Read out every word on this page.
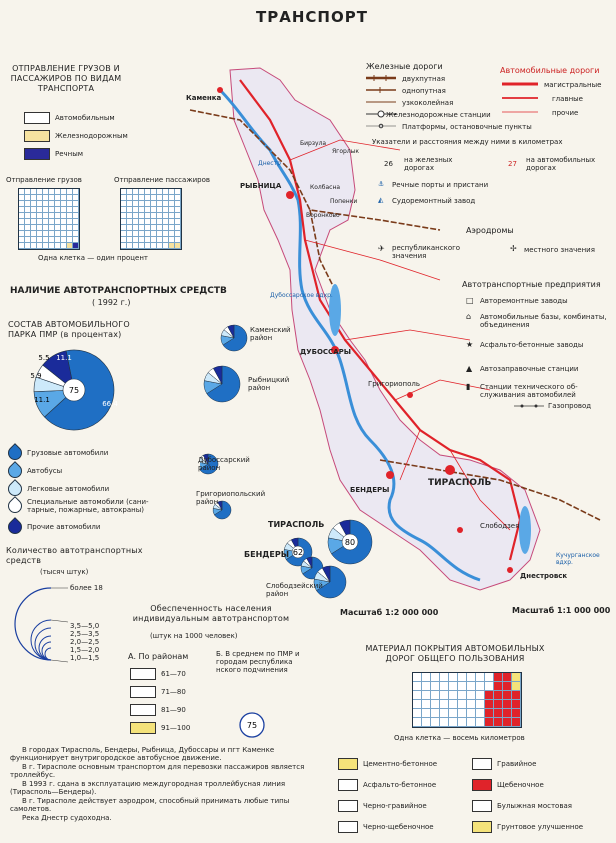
ТРАНСПОРТ
ОТПРАВЛЕНИЕ ГРУЗОВ И ПАССАЖИРОВ ПО ВИДАМ ТРАНСПОРТА
Автомобильным
Железнодорожным
Речным
Отправление грузов	Отправление пассажиров
Одна клетка — один процент
НАЛИЧИЕ АВТОТРАНСПОРТНЫХ СРЕДСТВ
( 1992 г.)
СОСТАВ АВТОМОБИЛЬНОГО ПАРКА ПМР (в процентах)
75
66.4
11.1
5.9
5.5 11.1
Грузовые автомобили
Автобусы
Легковые автомобили
Специальные автомобили (сани- тарные, пожарные, автокраны)
Прочие автомобили
Количество автотранспортных средств
(тысяч штук)
более 18
3,5—5,0
2,5—3,5
2,0—2,5
1,5—2,0
1,0—1,5
Обеспеченность населения индивидуальным автотранспортом
(штук на 1000 человек)
А. По районам	Б. В среднем по ПМР и городам республика нского подчинения
61—70
71—80
81—90
91—100	75
В городах Тирасполь, Бендеры, Рыбница, Дубоссары и пгт Каменке функционирует внутригородское автобусное движение.
В г. Тирасполе основным транспортом для перевозки пассажиров является троллейбус.
В 1993 г. сдана в эксплуатацию междугородная троллейбусная линия (Тирасполь—Бендеры).
В г. Тирасполе действует аэродром, способный принимать любые типы самолетов.
Река Днестр судоходна.
80
62
Каменка
РЫБНИЦА
ДУБОССАРЫ
Григориополь
БЕНДЕРЫ
ТИРАСПОЛЬ
Слободзея
Днестровск
Днестр
Дубоссарское вдхр.
Кучурганское вдхр.
Бирзула
Колбасна
Попенки
Воронково
Ягорлык
Масштаб 1:2 000 000	Масштаб 1:1 000 000
Каменский район
Рыбницкий район
Дубоссарский район
Григориопольский район
Слободзейский район
ТИРАСПОЛЬ
БЕНДЕРЫ
Железные дороги
двухпутная
однопутная
узкоколейная
Железнодорожные станции
Платформы, остановочные пункты
Автомобильные дороги
магистральные
главные
прочие
Указатели и расстояния между ними в километрах
26 на железных дорогах	27 на автомобильных дорогах
⚓ Речные порты и пристани
◭ Судоремонтный завод
Аэродромы
✈ республиканского значения
✢ местного значения
Автотранспортные предприятия
□ Авторемонтные заводы
⌂ Автомобильные базы, комбинаты, объединения
★ Асфальто-бетонные заводы
▲ Автозаправочные станции
▮ Станции технического об- служивания автомобилей
Газопровод
МАТЕРИАЛ ПОКРЫТИЯ АВТОМОБИЛЬНЫХ ДОРОГ ОБЩЕГО ПОЛЬЗОВАНИЯ
Одна клетка — восемь километров
Цементно-бетонное
Асфальто-бетонное
Черно-гравийное
Черно-щебеночное
Гравийное
Щебеночное
Булыжная мостовая
Грунтовое улучшенное
